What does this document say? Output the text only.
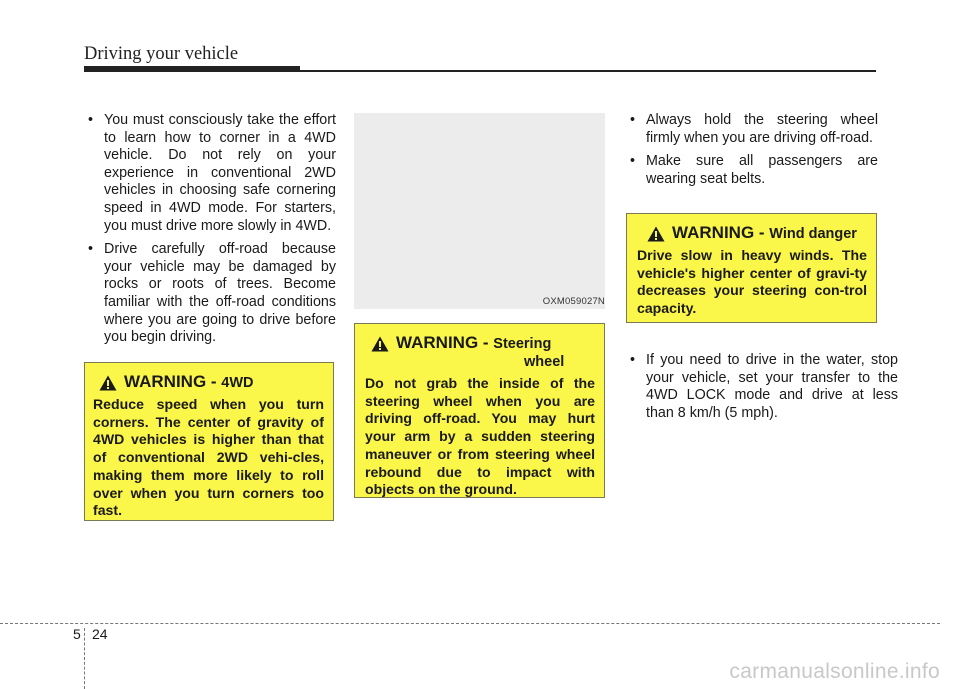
Driving your vehicle
• You must consciously take the effort to learn how to corner in a 4WD vehicle. Do not rely on your experience in conventional 2WD vehicles in choosing safe cornering speed in 4WD mode. For starters, you must drive more slowly in 4WD.
• Drive carefully off-road because your vehicle may be damaged by rocks or roots of trees. Become familiar with the off-road conditions where you are going to drive before you begin driving.
OXM059027N
WARNING - 4WD
Reduce speed when you turn corners. The center of gravity of 4WD vehicles is higher than that of conventional 2WD vehi-cles, making them more likely to roll over when you turn corners too fast.
WARNING - Steering
wheel
Do not grab the inside of the steering wheel when you are driving off-road. You may hurt your arm by a sudden steering maneuver or from steering wheel rebound due to impact with objects on the ground.
• Always hold the steering wheel firmly when you are driving off-road.
• Make sure all passengers are wearing seat belts.
WARNING - Wind danger
Drive slow in heavy winds. The vehicle's higher center of gravi-ty decreases your steering con-trol capacity.
• If you need to drive in the water, stop your vehicle, set your transfer to the 4WD LOCK mode and drive at less than 8 km/h (5 mph).
5 24
carmanualsonline.info
